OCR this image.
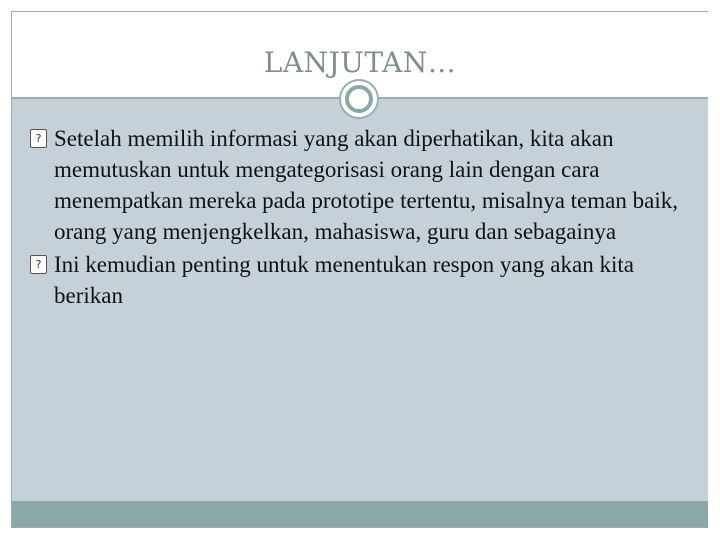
LANJUTAN…
? Setelah memilih informasi yang akan diperhatikan, kita akan memutuskan untuk mengategorisasi orang lain dengan cara menempatkan mereka pada prototipe tertentu, misalnya teman baik, orang yang menjengkelkan, mahasiswa, guru dan sebagainya
? Ini kemudian penting untuk menentukan respon yang akan kita berikan
